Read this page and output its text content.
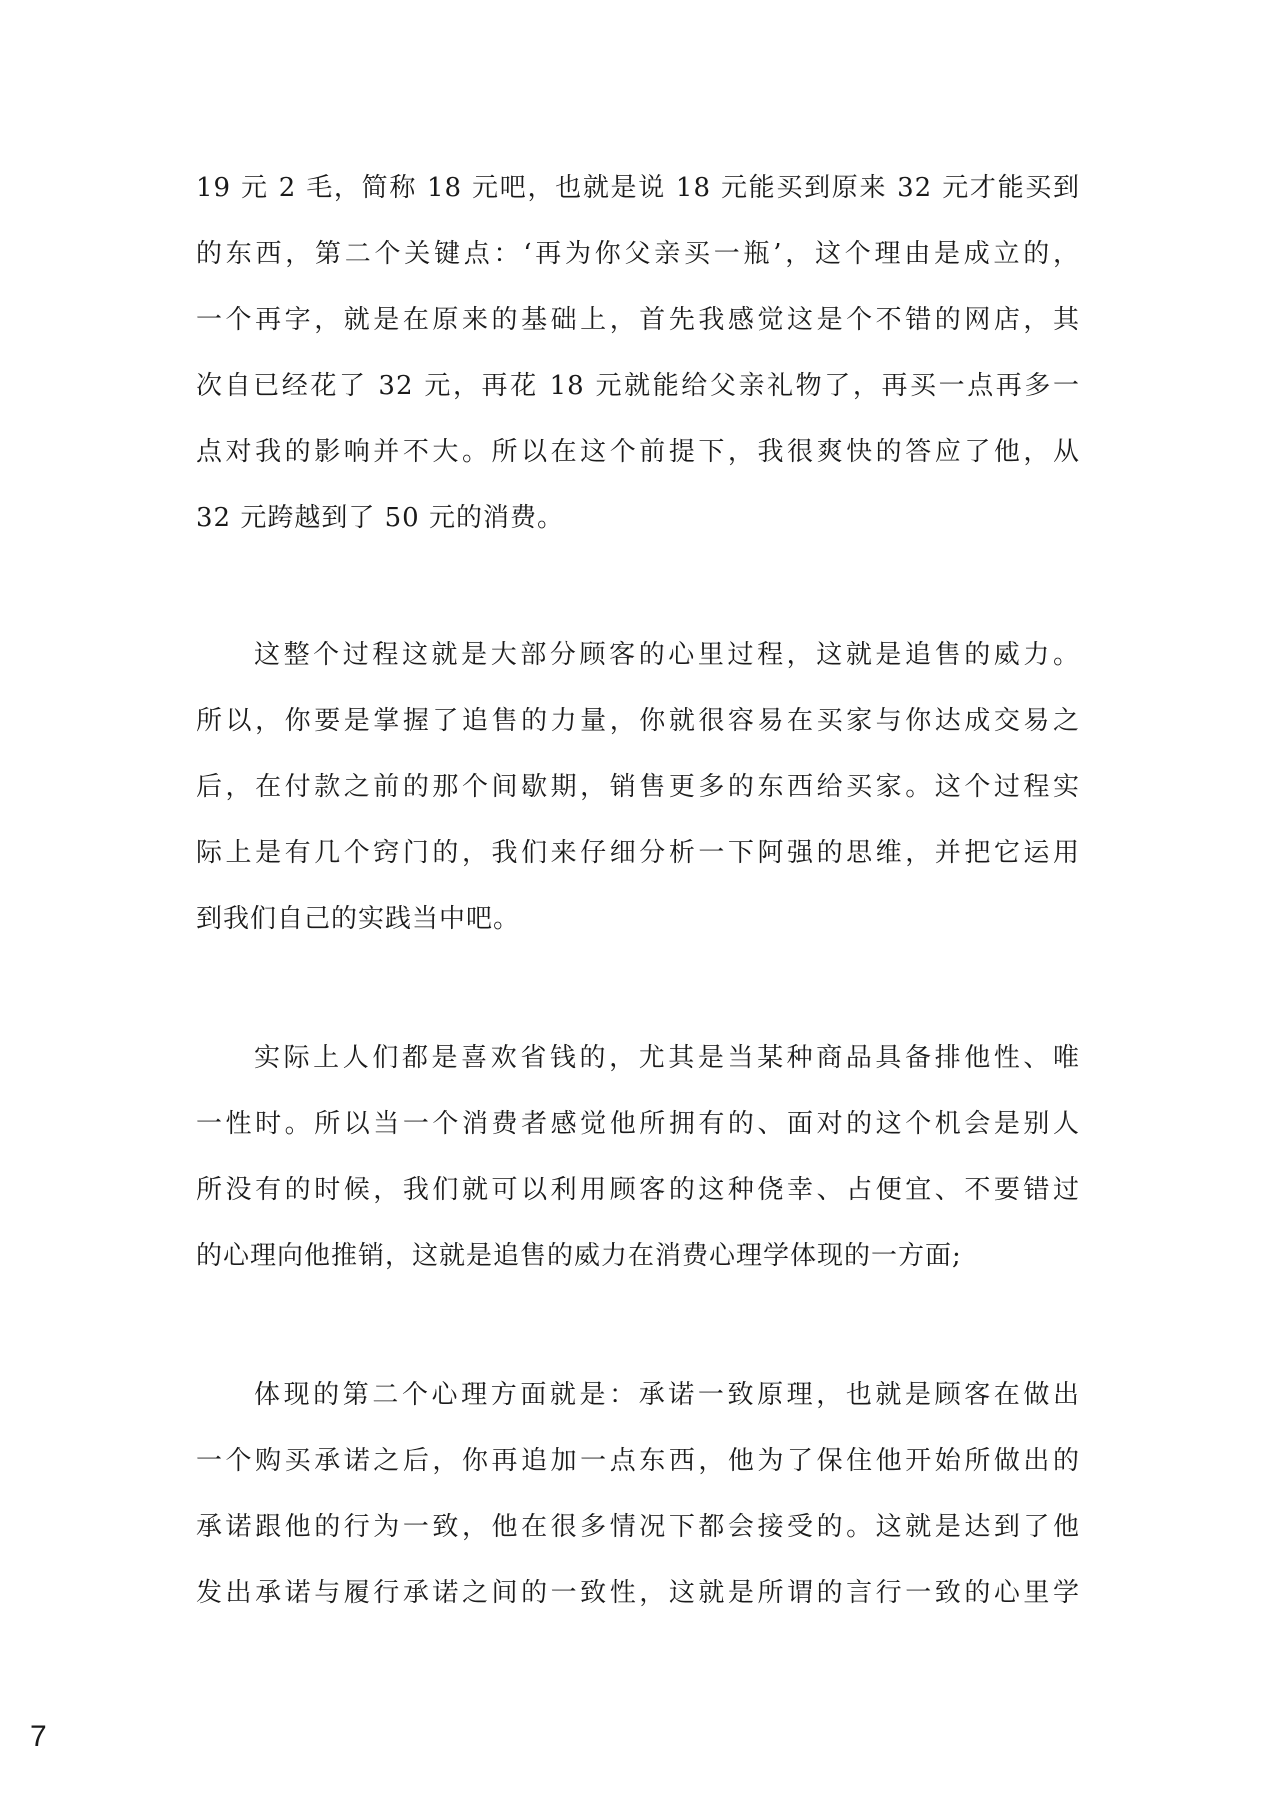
19 元 2 毛，简称 18 元吧，也就是说 18 元能买到原来 32 元才能买到
的东西，第二个关键点：‘再为你父亲买一瓶’，这个理由是成立的，
一个再字，就是在原来的基础上，首先我感觉这是个不错的网店，其
次自已经花了 32 元，再花 18 元就能给父亲礼物了，再买一点再多一
点对我的影响并不大。所以在这个前提下，我很爽快的答应了他，从
32 元跨越到了 50 元的消费。
这整个过程这就是大部分顾客的心里过程，这就是追售的威力。
所以，你要是掌握了追售的力量，你就很容易在买家与你达成交易之
后，在付款之前的那个间歇期，销售更多的东西给买家。这个过程实
际上是有几个窍门的，我们来仔细分析一下阿强的思维，并把它运用
到我们自己的实践当中吧。
实际上人们都是喜欢省钱的，尤其是当某种商品具备排他性、唯
一性时。所以当一个消费者感觉他所拥有的、面对的这个机会是别人
所没有的时候，我们就可以利用顾客的这种侥幸、占便宜、不要错过
的心理向他推销，这就是追售的威力在消费心理学体现的一方面;
体现的第二个心理方面就是：承诺一致原理，也就是顾客在做出
一个购买承诺之后，你再追加一点东西，他为了保住他开始所做出的
承诺跟他的行为一致，他在很多情况下都会接受的。这就是达到了他
发出承诺与履行承诺之间的一致性，这就是所谓的言行一致的心里学
7
